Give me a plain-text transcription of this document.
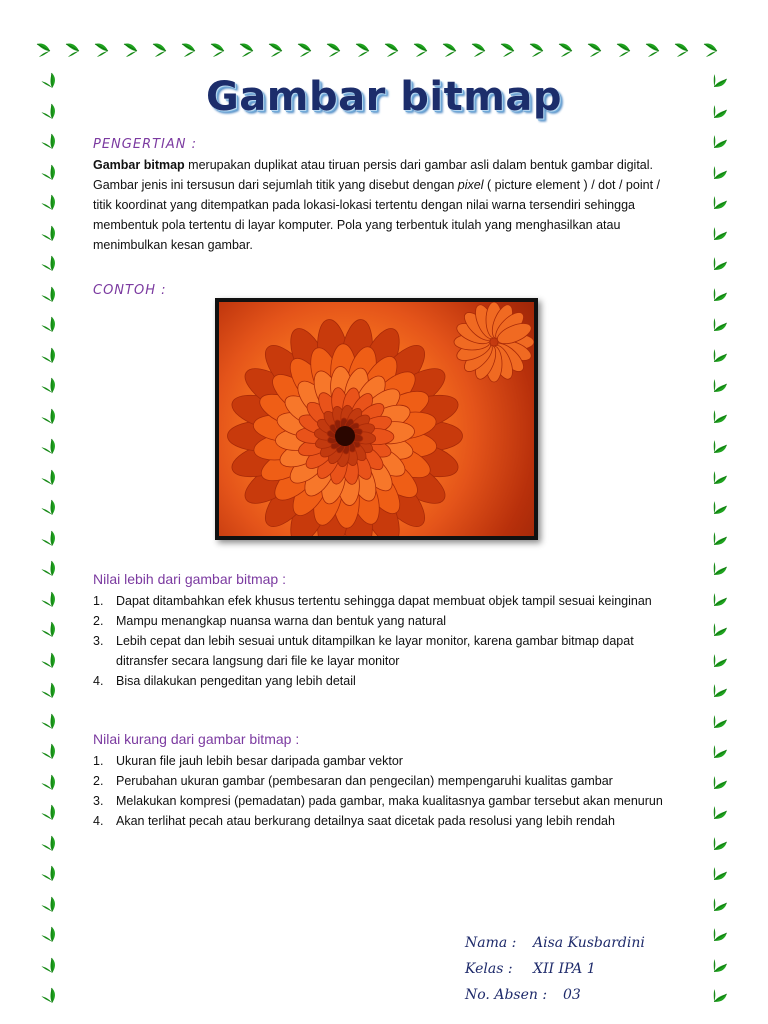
Gambar bitmap
PENGERTIAN :
Gambar bitmap merupakan duplikat atau tiruan persis dari gambar asli dalam bentuk gambar digital. Gambar jenis ini tersusun dari sejumlah titik yang disebut dengan pixel ( picture element ) / dot / point / titik koordinat yang ditempatkan pada lokasi-lokasi tertentu dengan nilai warna tersendiri sehingga membentuk pola tertentu di layar komputer. Pola yang terbentuk itulah yang menghasilkan atau menimbulkan kesan gambar.
CONTOH :
Nilai lebih dari gambar bitmap :
1. Dapat ditambahkan efek khusus tertentu sehingga dapat membuat objek tampil sesuai keinginan
2. Mampu menangkap nuansa warna dan bentuk yang natural
3. Lebih cepat dan lebih sesuai untuk ditampilkan ke layar monitor, karena gambar bitmap dapat ditransfer secara langsung dari file ke layar monitor
4. Bisa dilakukan pengeditan yang lebih detail
Nilai kurang dari gambar bitmap :
1. Ukuran file jauh lebih besar daripada gambar vektor
2. Perubahan ukuran gambar (pembesaran dan pengecilan) mempengaruhi kualitas gambar
3. Melakukan kompresi (pemadatan) pada gambar, maka kualitasnya gambar tersebut akan menurun
4. Akan terlihat pecah atau berkurang detailnya saat dicetak pada resolusi yang lebih rendah
Nama :	Aisa Kusbardini
Kelas :	XII IPA 1
No. Absen :	03
